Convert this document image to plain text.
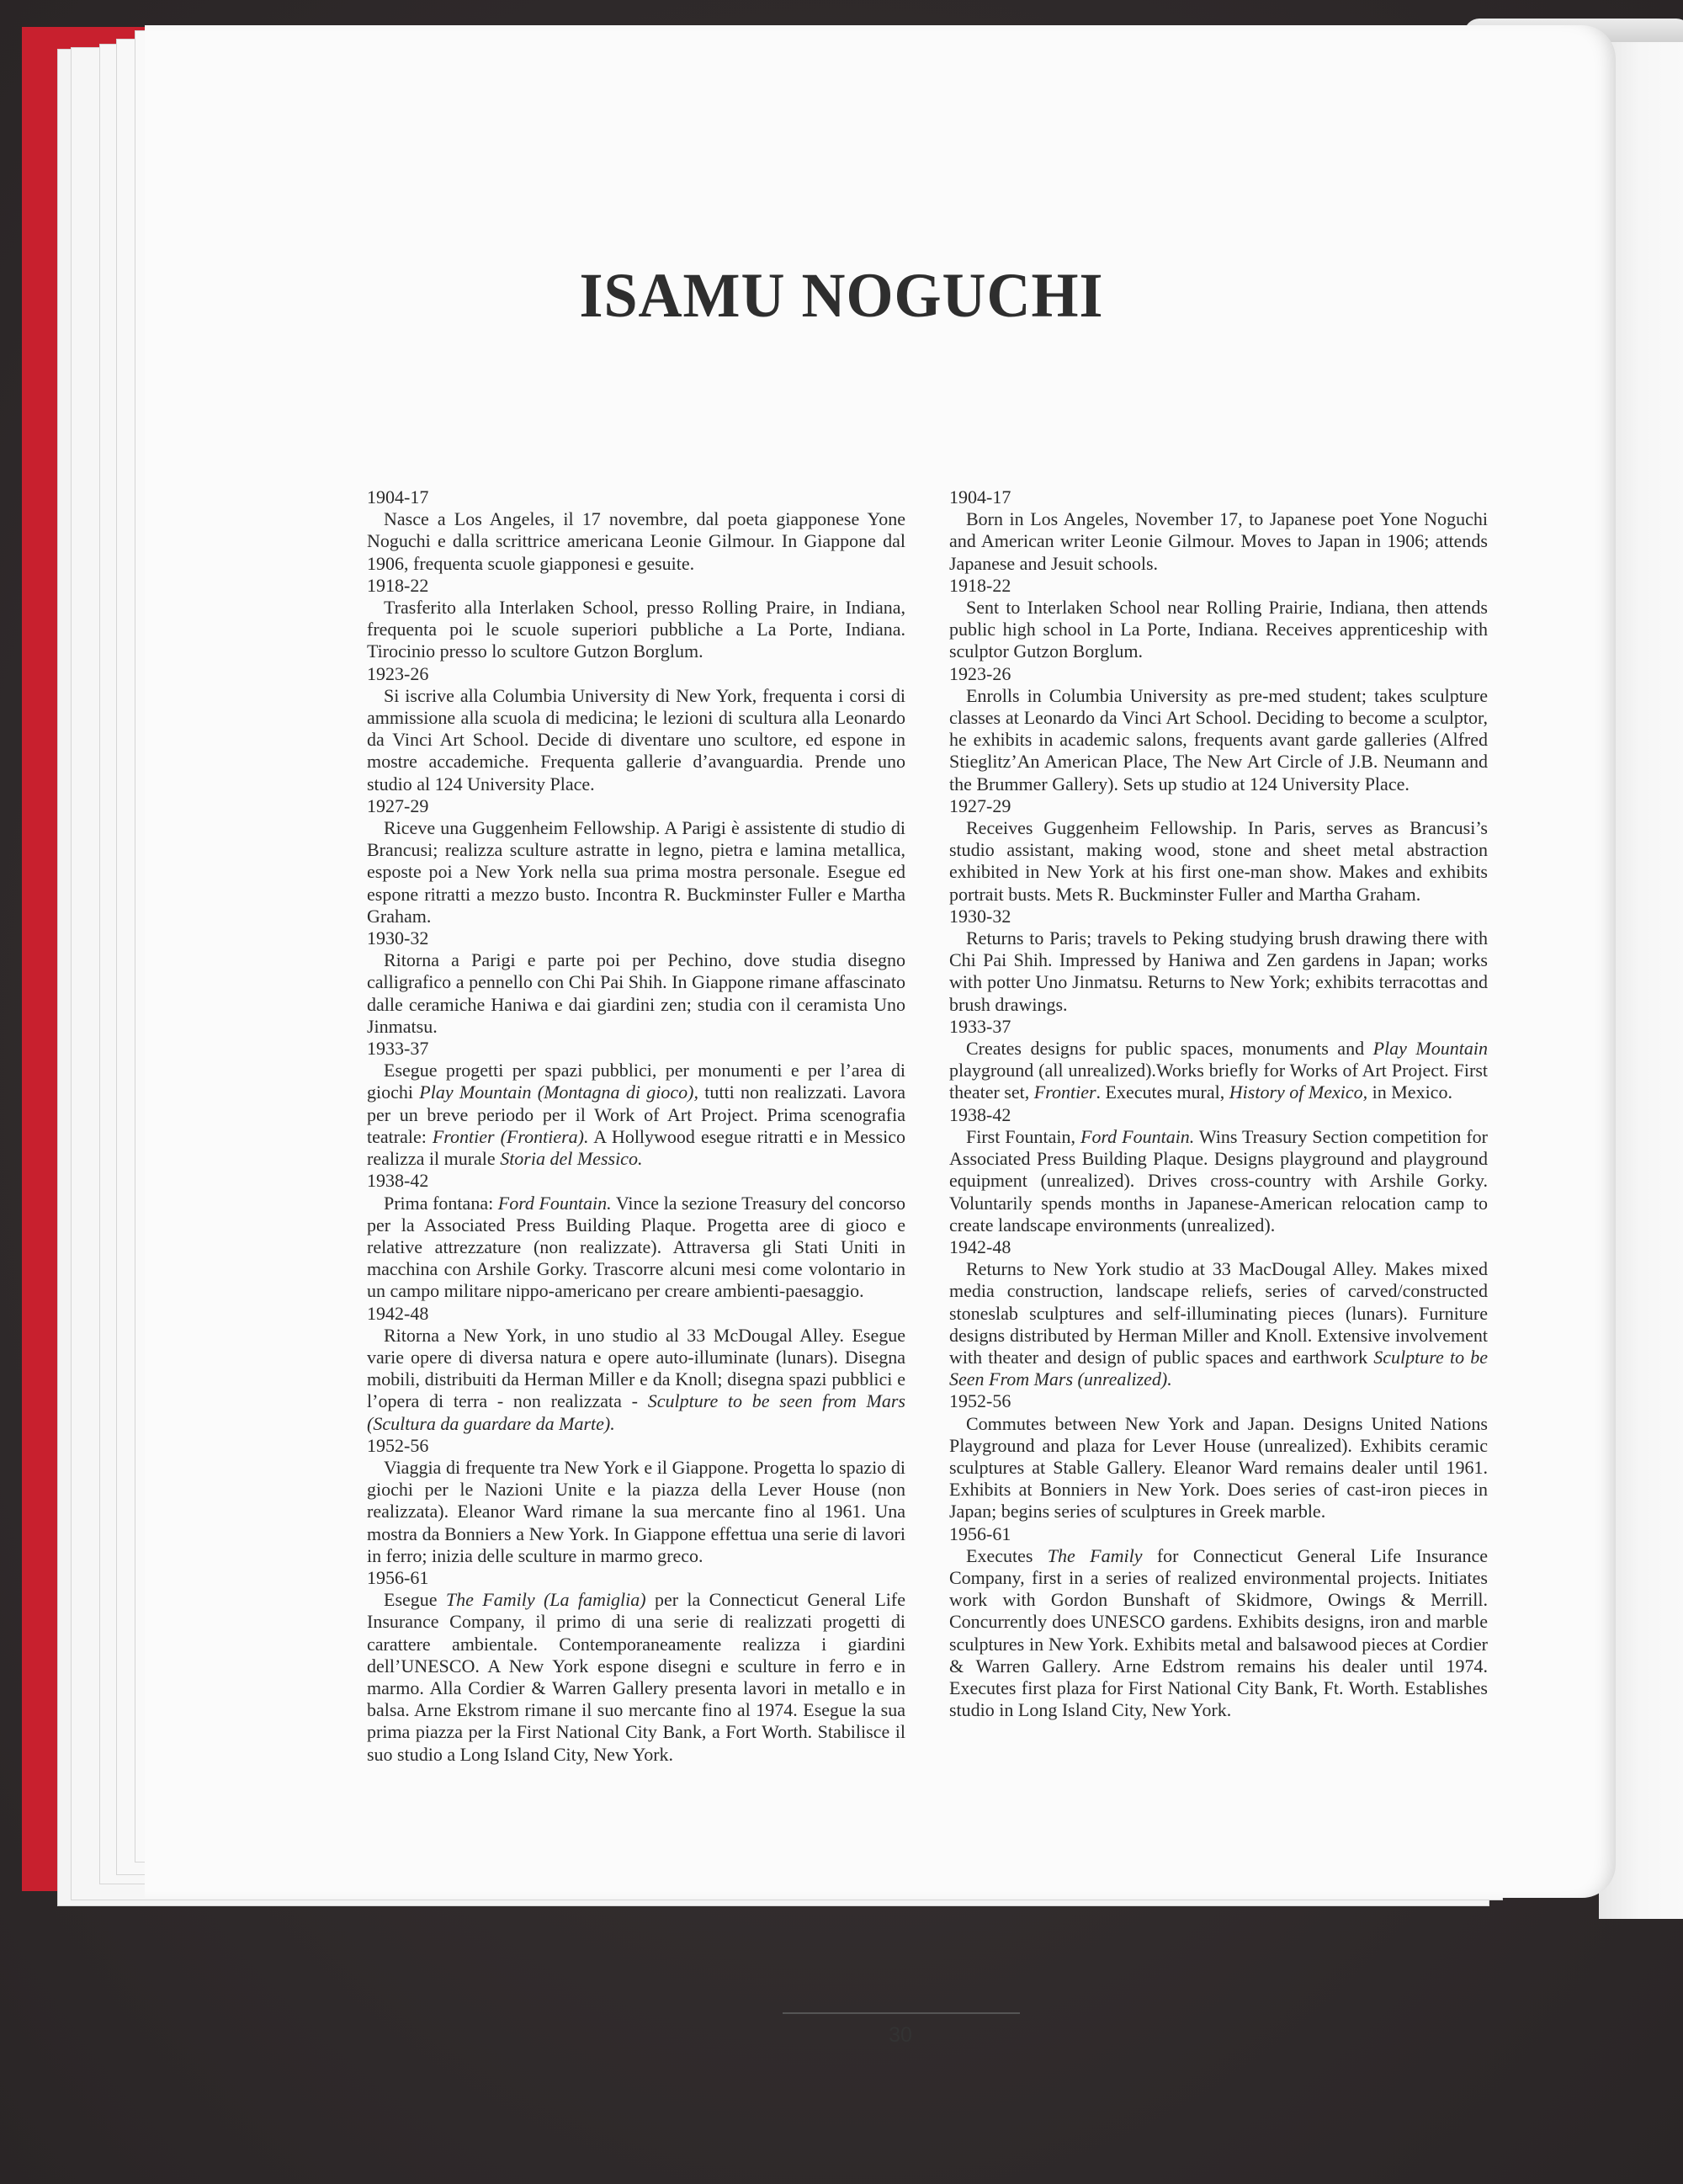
ISAMU NOGUCHI
1904-17
Nasce a Los Angeles, il 17 novembre, dal poeta giapponese Yone Noguchi e dalla scrittrice americana Leonie Gilmour. In Giappone dal 1906, frequenta scuole giapponesi e gesuite.
1918-22
Trasferito alla Interlaken School, presso Rolling Praire, in Indiana, frequenta poi le scuole superiori pubbliche a La Porte, Indiana. Tirocinio presso lo scultore Gutzon Borglum.
1923-26
Si iscrive alla Columbia University di New York, frequenta i corsi di ammissione alla scuola di medicina; le lezioni di scultura alla Leonardo da Vinci Art School. Decide di diventare uno scultore, ed espone in mostre accademiche. Frequenta gallerie d’avanguardia. Prende uno studio al 124 University Place.
1927-29
Riceve una Guggenheim Fellowship. A Parigi è assistente di studio di Brancusi; realizza sculture astratte in legno, pietra e lamina metallica, esposte poi a New York nella sua prima mostra personale. Esegue ed espone ritratti a mezzo busto. Incontra R. Buckminster Fuller e Martha Graham.
1930-32
Ritorna a Parigi e parte poi per Pechino, dove studia disegno calligrafico a pennello con Chi Pai Shih. In Giappone rimane affascinato dalle ceramiche Haniwa e dai giardini zen; studia con il ceramista Uno Jinmatsu.
1933-37
Esegue progetti per spazi pubblici, per monumenti e per l’area di giochi Play Mountain (Montagna di gioco), tutti non realizzati. Lavora per un breve periodo per il Work of Art Project. Prima scenografia teatrale: Frontier (Frontiera). A Hollywood esegue ritratti e in Messico realizza il murale Storia del Messico.
1938-42
Prima fontana: Ford Fountain. Vince la sezione Treasury del concorso per la Associated Press Building Plaque. Progetta aree di gioco e relative attrezzature (non realizzate). Attraversa gli Stati Uniti in macchina con Arshile Gorky. Trascorre alcuni mesi come volontario in un campo militare nippo-americano per creare ambienti-paesaggio.
1942-48
Ritorna a New York, in uno studio al 33 McDougal Alley. Esegue varie opere di diversa natura e opere auto-illuminate (lunars). Disegna mobili, distribuiti da Herman Miller e da Knoll; disegna spazi pubblici e l’opera di terra - non realizzata - Sculpture to be seen from Mars (Scultura da guardare da Marte).
1952-56
Viaggia di frequente tra New York e il Giappone. Progetta lo spazio di giochi per le Nazioni Unite e la piazza della Lever House (non realizzata). Eleanor Ward rimane la sua mercante fino al 1961. Una mostra da Bonniers a New York. In Giappone effettua una serie di lavori in ferro; inizia delle sculture in marmo greco.
1956-61
Esegue The Family (La famiglia) per la Connecticut General Life Insurance Company, il primo di una serie di realizzati progetti di carattere ambientale. Contemporaneamente realizza i giardini dell’UNESCO. A New York espone disegni e sculture in ferro e in marmo. Alla Cordier & Warren Gallery presenta lavori in metallo e in balsa. Arne Ekstrom rimane il suo mercante fino al 1974. Esegue la sua prima piazza per la First National City Bank, a Fort Worth. Stabilisce il suo studio a Long Island City, New York.
1904-17
Born in Los Angeles, November 17, to Japanese poet Yone Noguchi and American writer Leonie Gilmour. Moves to Japan in 1906; attends Japanese and Jesuit schools.
1918-22
Sent to Interlaken School near Rolling Prairie, Indiana, then attends public high school in La Porte, Indiana. Receives apprenticeship with sculptor Gutzon Borglum.
1923-26
Enrolls in Columbia University as pre-med student; takes sculpture classes at Leonardo da Vinci Art School. Deciding to become a sculptor, he exhibits in academic salons, frequents avant garde galleries (Alfred Stieglitz’An American Place, The New Art Circle of J.B. Neumann and the Brummer Gallery). Sets up studio at 124 University Place.
1927-29
Receives Guggenheim Fellowship. In Paris, serves as Brancusi’s studio assistant, making wood, stone and sheet metal abstraction exhibited in New York at his first one-man show. Makes and exhibits portrait busts. Mets R. Buckminster Fuller and Martha Graham.
1930-32
Returns to Paris; travels to Peking studying brush drawing there with Chi Pai Shih. Impressed by Haniwa and Zen gardens in Japan; works with potter Uno Jinmatsu. Returns to New York; exhibits terracottas and brush drawings.
1933-37
Creates designs for public spaces, monuments and Play Mountain playground (all unrealized).Works briefly for Works of Art Project. First theater set, Frontier. Executes mural, History of Mexico, in Mexico.
1938-42
First Fountain, Ford Fountain. Wins Treasury Section competition for Associated Press Building Plaque. Designs playground and playground equipment (unrealized). Drives cross-country with Arshile Gorky. Voluntarily spends months in Japanese-American relocation camp to create landscape environments (unrealized).
1942-48
Returns to New York studio at 33 MacDougal Alley. Makes mixed media construction, landscape reliefs, series of carved/constructed stoneslab sculptures and self-illuminating pieces (lunars). Furniture designs distributed by Herman Miller and Knoll. Extensive involvement with theater and design of public spaces and earthwork Sculpture to be Seen From Mars (unrealized).
1952-56
Commutes between New York and Japan. Designs United Nations Playground and plaza for Lever House (unrealized). Exhibits ceramic sculptures at Stable Gallery. Eleanor Ward remains dealer until 1961. Exhibits at Bonniers in New York. Does series of cast-iron pieces in Japan; begins series of sculptures in Greek marble.
1956-61
Executes The Family for Connecticut General Life Insurance Company, first in a series of realized environmental projects. Initiates work with Gordon Bunshaft of Skidmore, Owings & Merrill. Concurrently does UNESCO gardens. Exhibits designs, iron and marble sculptures in New York. Exhibits metal and balsawood pieces at Cordier & Warren Gallery. Arne Edstrom remains his dealer until 1974. Executes first plaza for First National City Bank, Ft. Worth. Establishes studio in Long Island City, New York.
30
